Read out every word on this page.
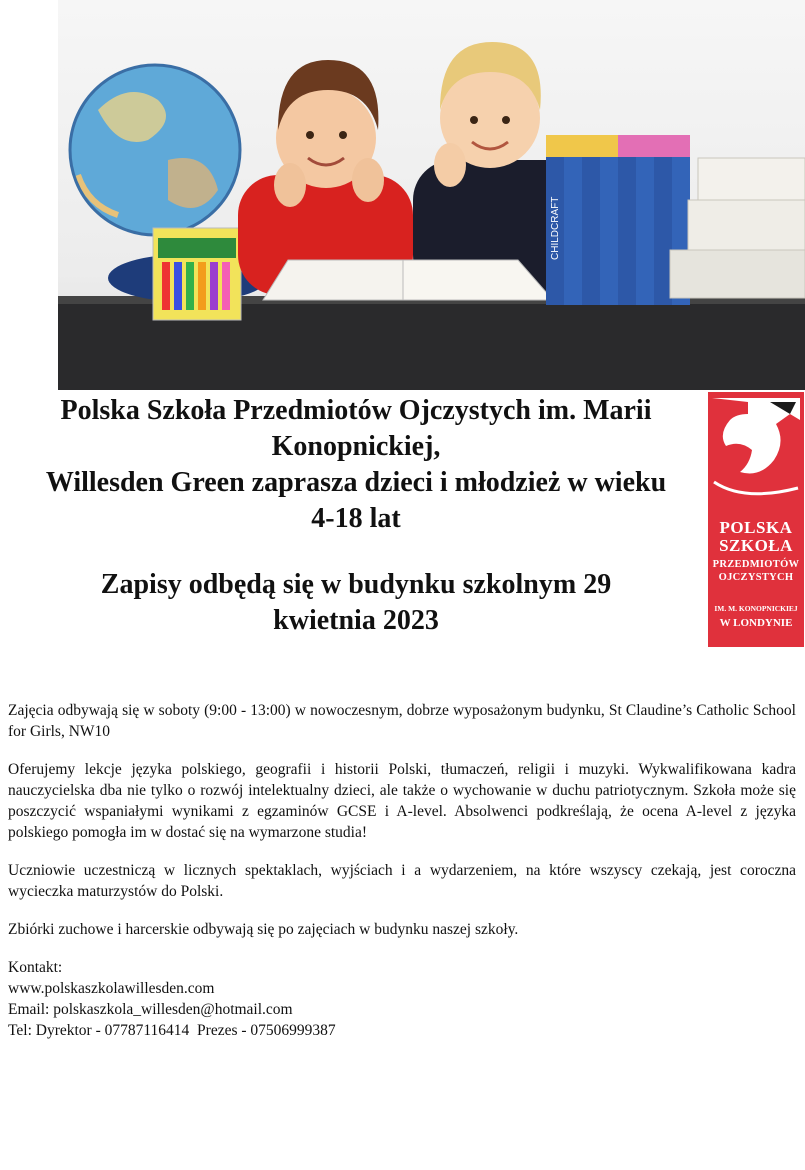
CHILDCRAFT

Polska Szkoła Przedmiotów Ojczystych im. Marii

Konopnickiej,

Willesden Green zaprasza dzieci i młodzież w wieku

4-18 lat

Zapisy odbędą się w budynku szkolnym 29

kwietnia 2023

POLSKA
SZKOŁA
PRZEDMIOTÓW
OJCZYSTYCH
IM. M. KONOPNICKIEJ
W LONDYNIE

Zajęcia odbywają się w soboty (9:00 - 13:00) w nowoczesnym, dobrze wyposażonym budynku, St Claudine’s Catholic School for Girls, NW10

Oferujemy lekcje języka polskiego, geografii i historii Polski, tłumaczeń, religii i muzyki. Wykwalifikowana kadra nauczycielska dba nie tylko o rozwój intelektualny dzieci, ale także o wychowanie w duchu patriotycznym. Szkoła może się poszczycić wspaniałymi wynikami z egzaminów GCSE i A-level. Absolwenci podkreślają, że ocena A-level z języka polskiego pomogła im w dostać się na wymarzone studia!

Uczniowie uczestniczą w licznych spektaklach, wyjściach i a wydarzeniem, na które wszyscy czekają, jest coroczna wycieczka maturzystów do Polski.

Zbiórki zuchowe i harcerskie odbywają się po zajęciach w budynku naszej szkoły.

Kontakt:
www.polskaszkolawillesden.com
Email: polskaszkola_willesden@hotmail.com
Tel: Dyrektor - 07787116414  Prezes - 07506999387
